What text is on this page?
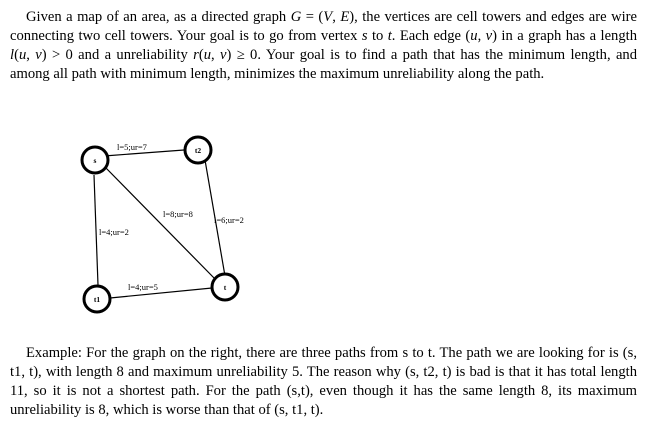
Given a map of an area, as a directed graph G = (V, E), the vertices are cell towers and edges are wire connecting two cell towers. Your goal is to go from vertex s to t. Each edge (u, v) in a graph has a length l(u, v) > 0 and a unreliability r(u, v) ≥ 0. Your goal is to find a path that has the minimum length, and among all path with minimum length, minimizes the maximum unreliability along the path.

l=5;ur=7
l=4;ur=2
l=8;ur=8
l=6;ur=2
l=4;ur=5
s
t2
t1
t

Example: For the graph on the right, there are three paths from s to t. The path we are looking for is (s, t1, t), with length 8 and maximum unreliability 5. The reason why (s, t2, t) is bad is that it has total length 11, so it is not a shortest path. For the path (s,t), even though it has the same length 8, its maximum unreliability is 8, which is worse than that of (s, t1, t).
